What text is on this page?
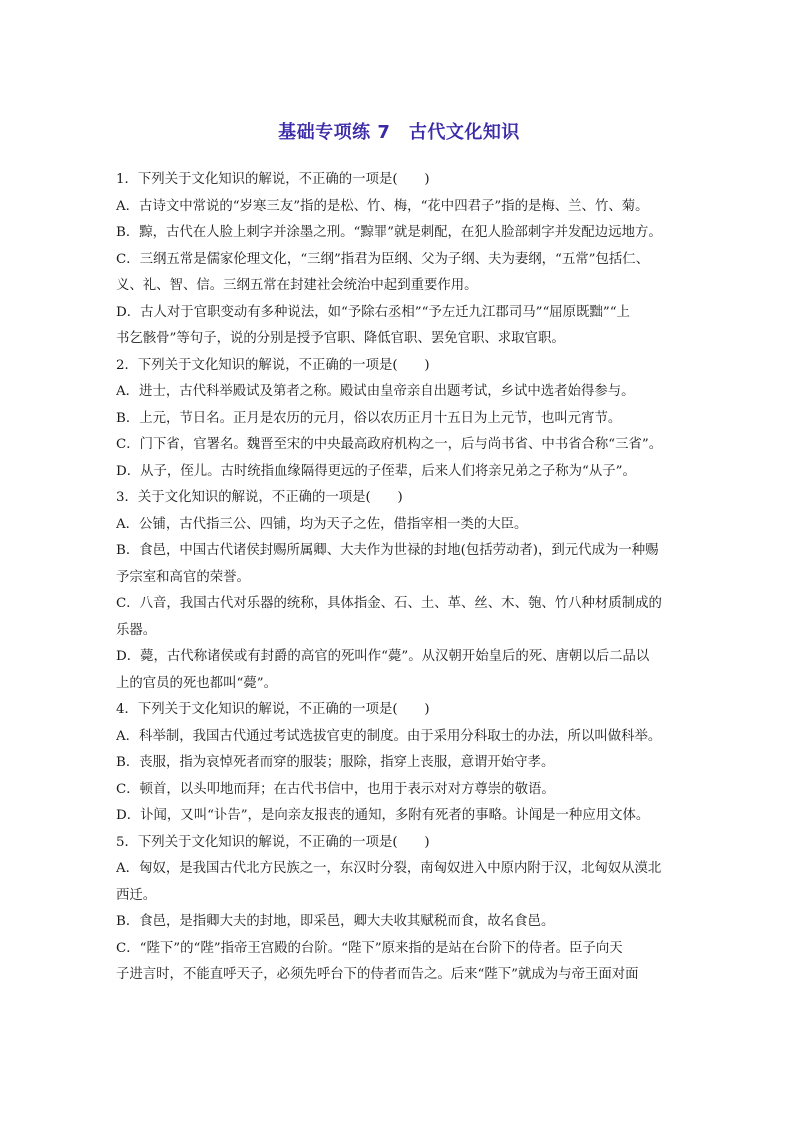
基础专项练 7　古代文化知识
1．下列关于文化知识的解说，不正确的一项是(　　)
A．古诗文中常说的“岁寒三友”指的是松、竹、梅，“花中四君子”指的是梅、兰、竹、菊。
B．黥，古代在人脸上刺字并涂墨之刑。“黥罪”就是刺配，在犯人脸部刺字并发配边远地方。
C．三纲五常是儒家伦理文化，“三纲”指君为臣纲、父为子纲、夫为妻纲，“五常”包括仁、
义、礼、智、信。三纲五常在封建社会统治中起到重要作用。
D．古人对于官职变动有多种说法，如“予除右丞相”“予左迁九江郡司马”“屈原既黜”“上
书乞骸骨”等句子，说的分别是授予官职、降低官职、罢免官职、求取官职。
2．下列关于文化知识的解说，不正确的一项是(　　)
A．进士，古代科举殿试及第者之称。殿试由皇帝亲自出题考试，乡试中选者始得参与。
B．上元，节日名。正月是农历的元月，俗以农历正月十五日为上元节，也叫元宵节。
C．门下省，官署名。魏晋至宋的中央最高政府机构之一，后与尚书省、中书省合称“三省”。
D．从子，侄儿。古时统指血缘隔得更远的子侄辈，后来人们将亲兄弟之子称为“从子”。
3．关于文化知识的解说，不正确的一项是(　　)
A．公铺，古代指三公、四铺，均为天子之佐，借指宰相一类的大臣。
B．食邑，中国古代诸侯封赐所属卿、大夫作为世禄的封地(包括劳动者)，到元代成为一种赐
予宗室和高官的荣誉。
C．八音，我国古代对乐器的统称，具体指金、石、土、革、丝、木、匏、竹八种材质制成的
乐器。
D．薨，古代称诸侯或有封爵的高官的死叫作“薨”。从汉朝开始皇后的死、唐朝以后二品以
上的官员的死也都叫“薨”。
4．下列关于文化知识的解说，不正确的一项是(　　)
A．科举制，我国古代通过考试选拔官吏的制度。由于采用分科取士的办法，所以叫做科举。
B．丧服，指为哀悼死者而穿的服装；服除，指穿上丧服，意谓开始守孝。
C．顿首，以头叩地而拜；在古代书信中，也用于表示对对方尊崇的敬语。
D．讣闻，又叫“讣告”，是向亲友报丧的通知，多附有死者的事略。讣闻是一种应用文体。
5．下列关于文化知识的解说，不正确的一项是(　　)
A．匈奴，是我国古代北方民族之一，东汉时分裂，南匈奴进入中原内附于汉，北匈奴从漠北
西迁。
B．食邑，是指卿大夫的封地，即采邑，卿大夫收其赋税而食，故名食邑。
C．“陛下”的“陛”指帝王宫殿的台阶。“陛下”原来指的是站在台阶下的侍者。臣子向天
子进言时，不能直呼天子，必须先呼台下的侍者而告之。后来“陛下”就成为与帝王面对面
